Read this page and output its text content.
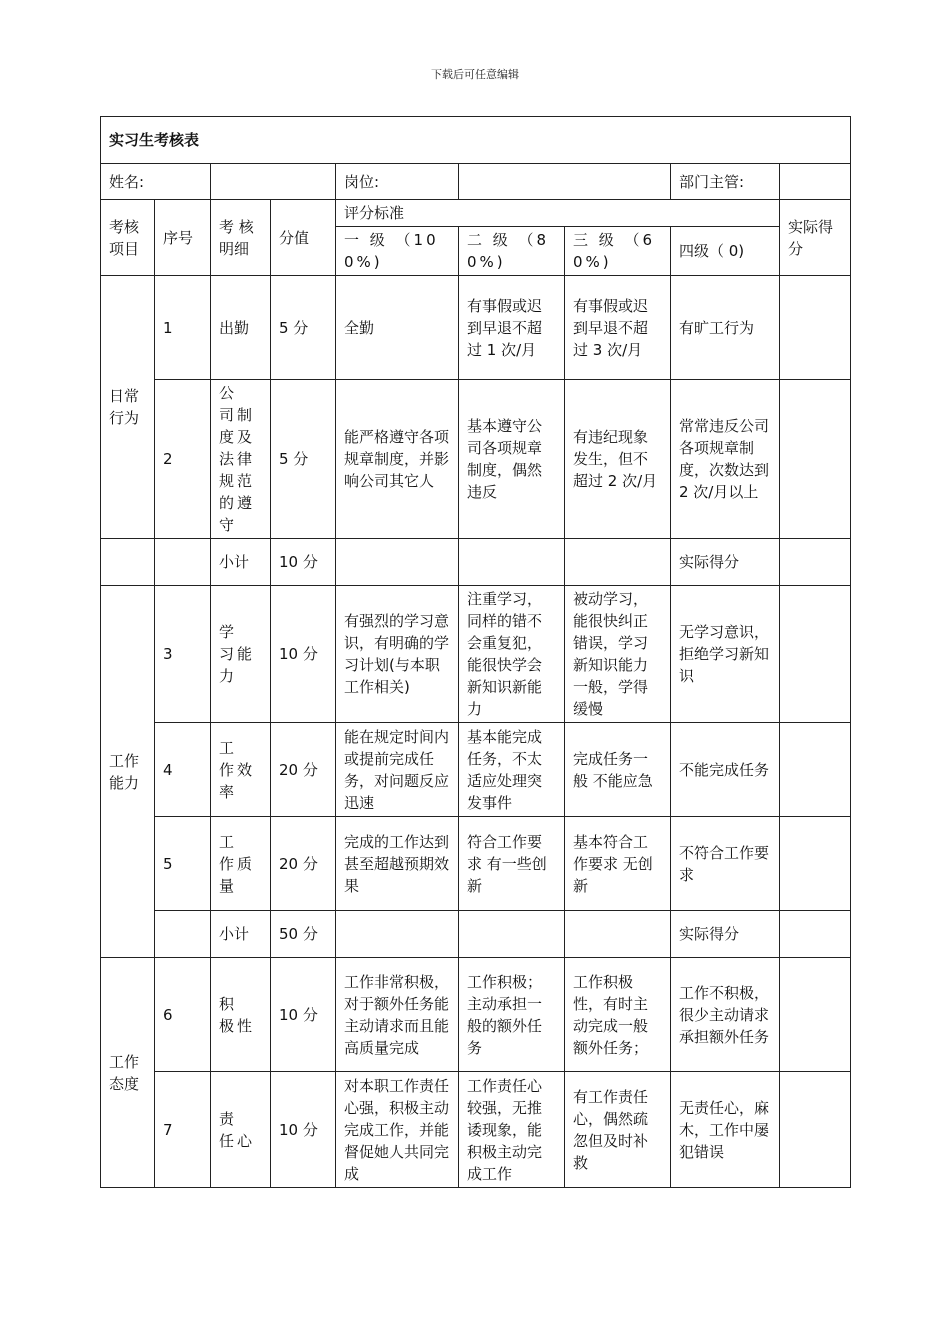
下载后可任意编辑
实习生考核表								
姓名:				岗位:			部门主管:	
考核项目	序号	考 核明细	分值	评分标准				实际得分
				一 级 （100%)	二 级 （80%)	三 级 （60%)	四级（ 0)	
日常行为	1	出勤	5 分	全勤	有事假或迟到早退不超过 1 次/月	有事假或迟到早退不超过 3 次/月	有旷工行为	
	2	公 司制 度及 法律 规范 的遵守	5 分	能严格遵守各项规章制度，并影响公司其它人	基本遵守公司各项规章制度，偶然违反	有违纪现象发生，但不超过 2 次/月	常常违反公司各项规章制度，次数达到 2 次/月以上	
		小计	10 分				实际得分	
工作能力	3	学 习能力	10 分	有强烈的学习意识，有明确的学习计划(与本职工作相关)	注重学习，同样的错不会重复犯，能很快学会新知识新能力	被动学习，能很快纠正错误，学习新知识能力一般，学得缓慢	无学习意识，拒绝学习新知识	
	4	工 作效率	20 分	能在规定时间内或提前完成任务，对问题反应迅速	基本能完成任务，不太适应处理突发事件	完成任务一般 不能应急	不能完成任务	
	5	工 作质量	20 分	完成的工作达到甚至超越预期效果	符合工作要求 有一些创新	基本符合工作要求 无创新	不符合工作要求	
		小计	50 分				实际得分	
工作态度	6	积 极性	10 分	工作非常积极，对于额外任务能主动请求而且能高质量完成	工作积极；主动承担一般的额外任务	工作积极性，有时主动完成一般额外任务；	工作不积极，很少主动请求承担额外任务	
	7	责 任心	10 分	对本职工作责任心强，积极主动完成工作，并能督促她人共同完成	工作责任心较强，无推诿现象，能积极主动完成工作	有工作责任心，偶然疏忽但及时补救	无责任心，麻木，工作中屡犯错误	
